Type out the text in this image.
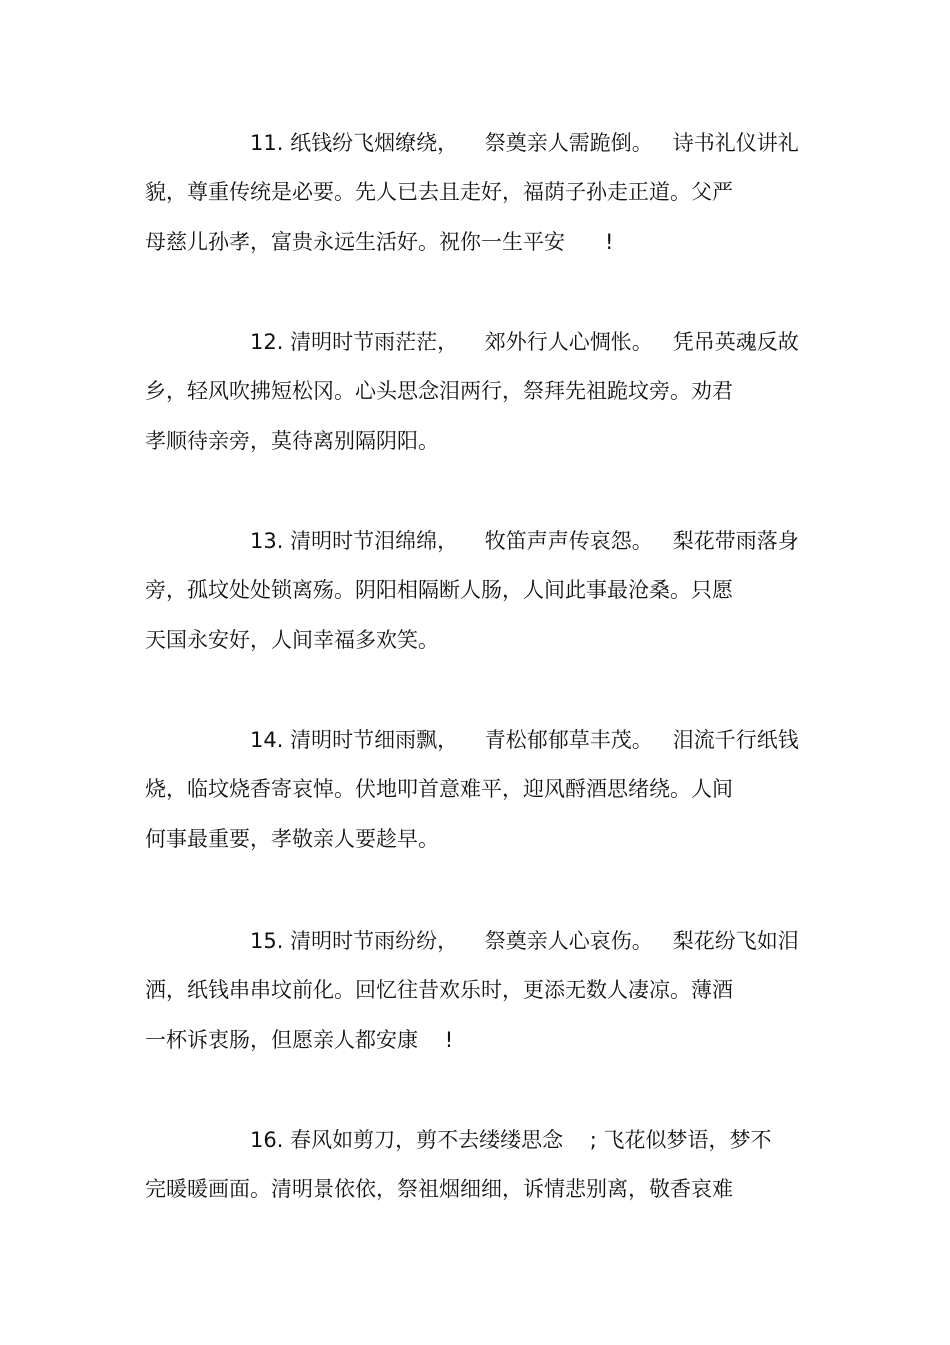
11. 纸钱纷飞烟缭绕，    祭奠亲人需跪倒。   诗书礼仪讲礼
貌，尊重传统是必要。先人已去且走好，福荫子孙走正道。父严
母慈儿孙孝，富贵永远生活好。祝你一生平安      !
12. 清明时节雨茫茫，    郊外行人心惆怅。   凭吊英魂反故
乡，轻风吹拂短松冈。心头思念泪两行，祭拜先祖跪坟旁。劝君
孝顺待亲旁，莫待离别隔阴阳。
13. 清明时节泪绵绵，    牧笛声声传哀怨。   梨花带雨落身
旁，孤坟处处锁离殇。阴阳相隔断人肠，人间此事最沧桑。只愿
天国永安好，人间幸福多欢笑。
14. 清明时节细雨飘，    青松郁郁草丰茂。   泪流千行纸钱
烧，临坟烧香寄哀悼。伏地叩首意难平，迎风酹酒思绪绕。人间
何事最重要，孝敬亲人要趁早。
15. 清明时节雨纷纷，    祭奠亲人心哀伤。   梨花纷飞如泪
洒，纸钱串串坟前化。回忆往昔欢乐时，更添无数人凄凉。薄酒
一杯诉衷肠，但愿亲人都安康    !
16. 春风如剪刀，剪不去缕缕思念    ; 飞花似梦语，梦不
完暖暖画面。清明景依依，祭祖烟细细，诉情悲别离，敬香哀难
